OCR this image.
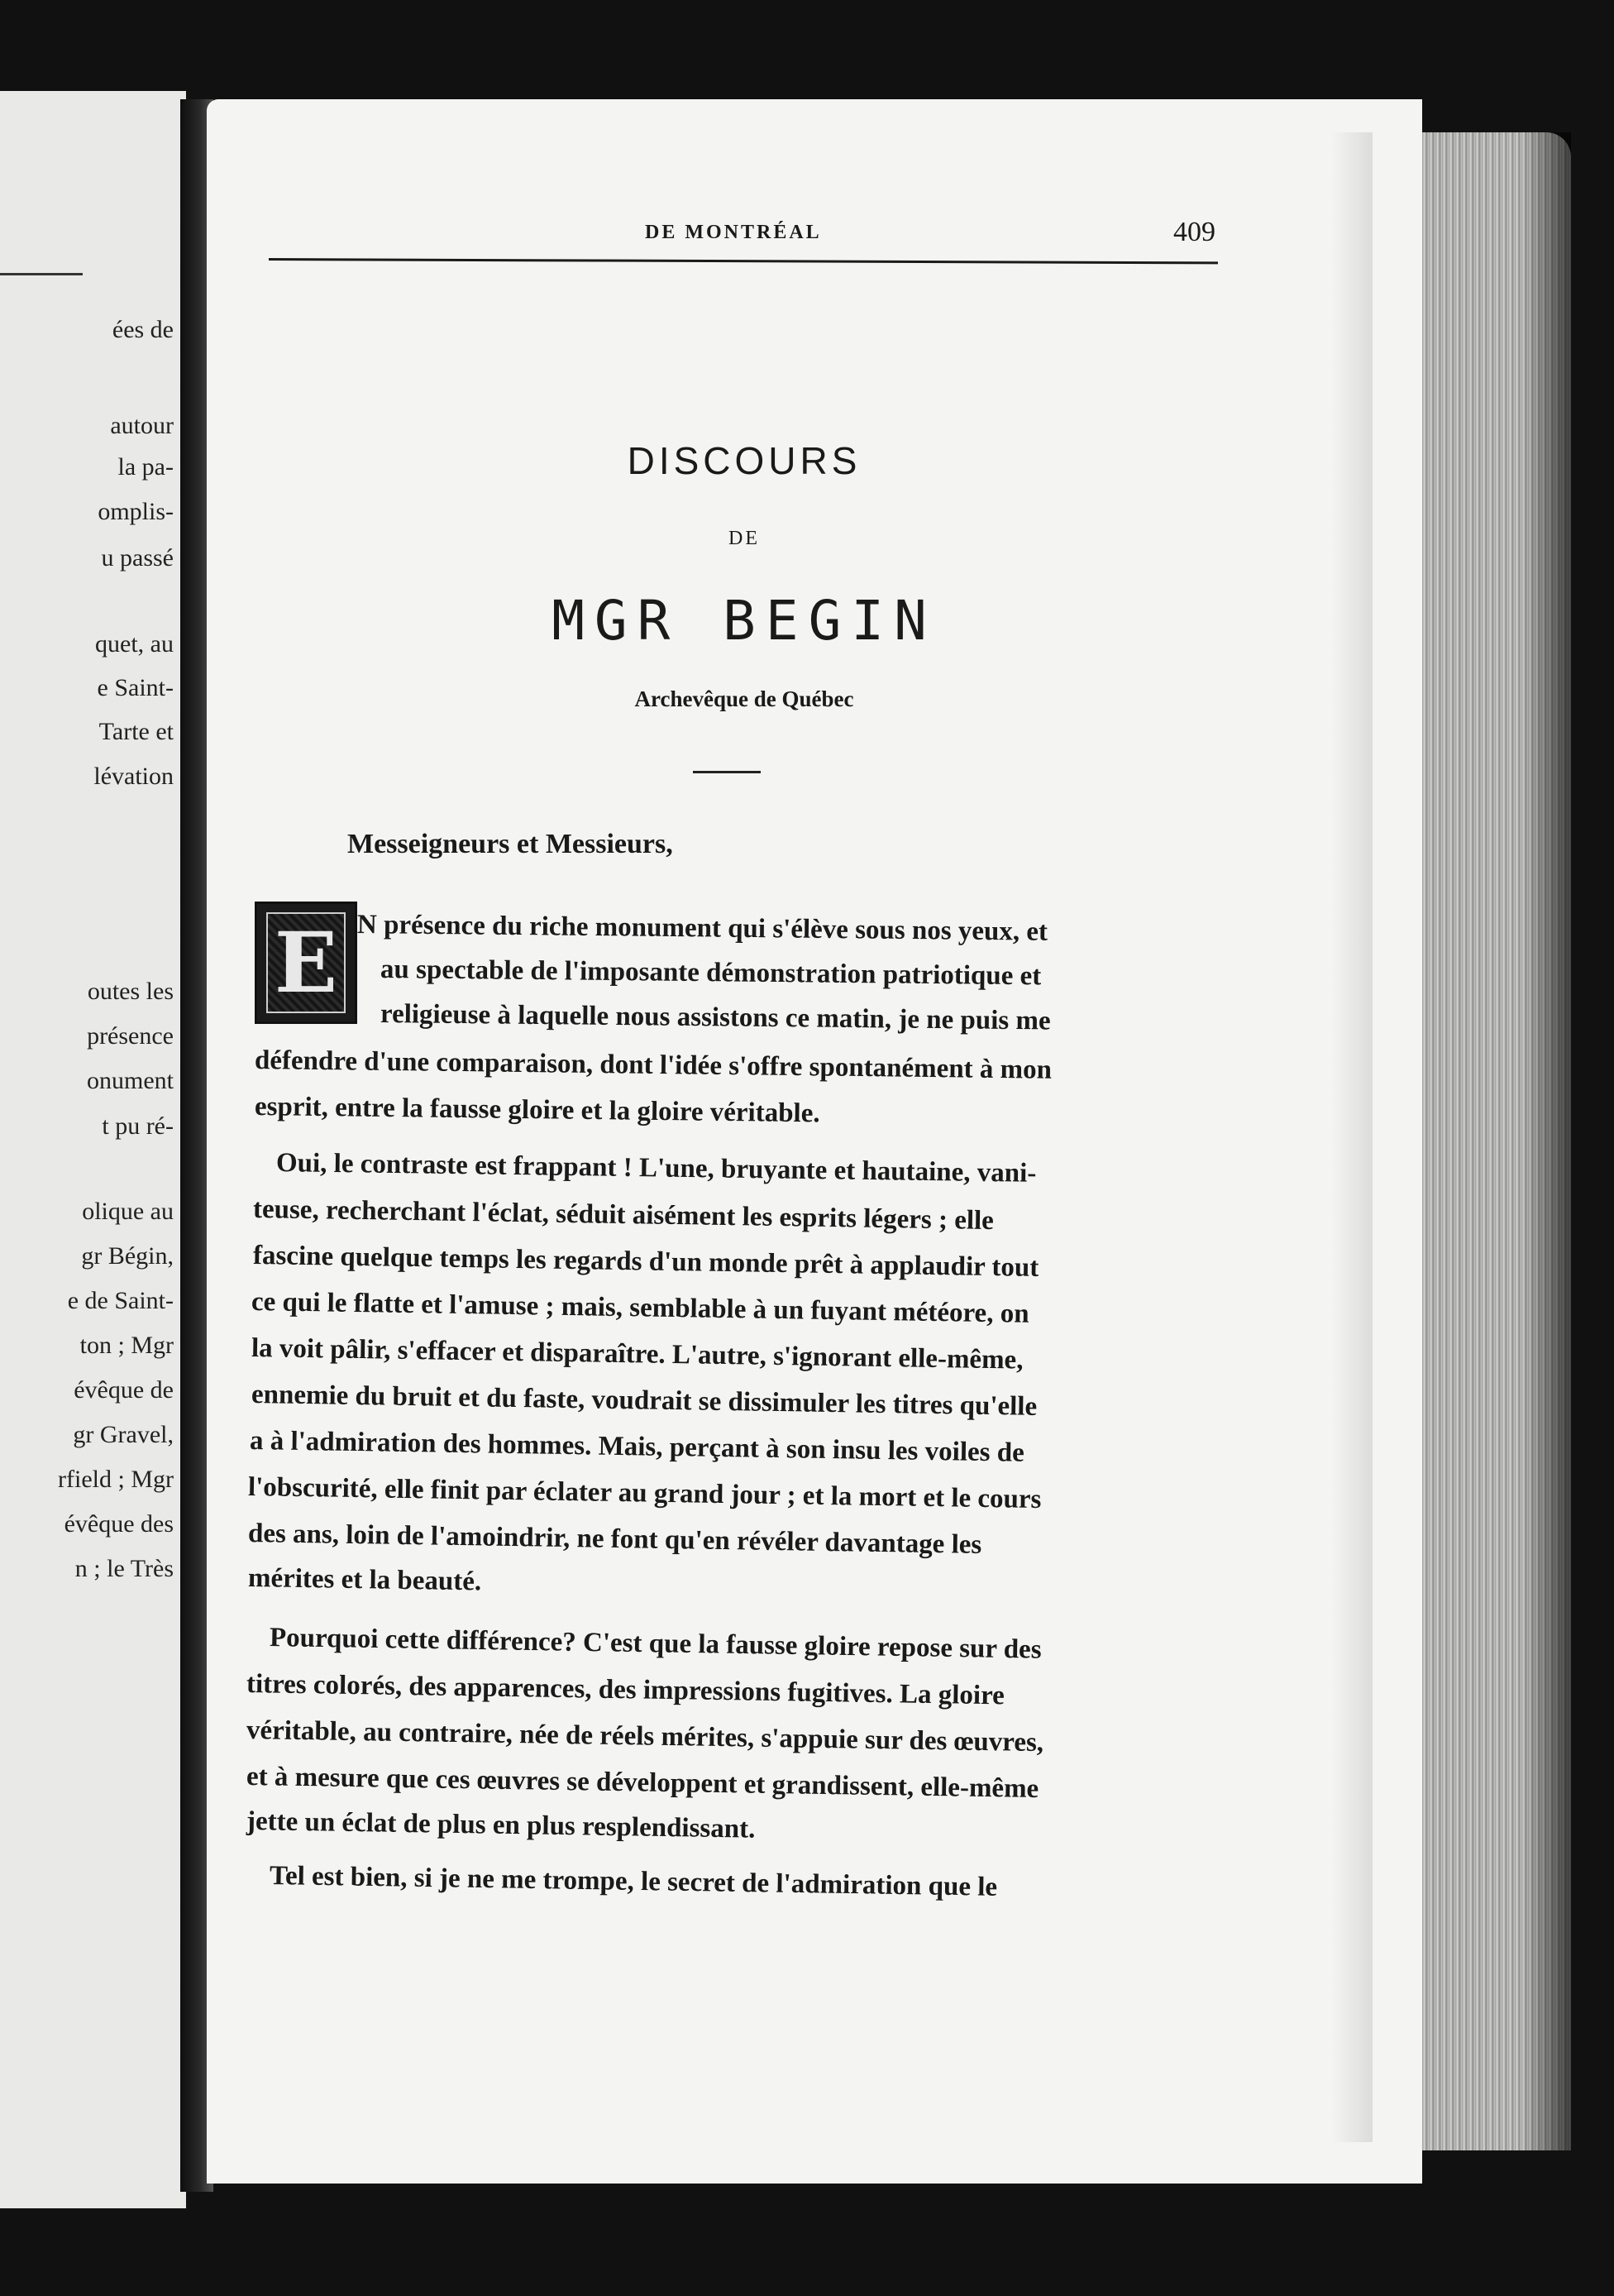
ées de
autour
la pa-
omplis-
u passé
quet, au
e Saint-
Tarte et
lévation
outes les
présence
onument
t pu ré-
olique au
gr Bégin,
e de Saint-
ton ; Mgr
évêque de
gr Gravel,
rfield ; Mgr
évêque des
n ; le Très
DE MONTRÉAL	409
DISCOURS
DE
MGR BEGIN
Archevêque de Québec
Messeigneurs et Messieurs,
E N présence du riche monument qui s'élève sous nos yeux, et
au spectable de l'imposante démonstration patriotique et
religieuse à laquelle nous assistons ce matin, je ne puis me
défendre d'une comparaison, dont l'idée s'offre spontanément à mon
esprit, entre la fausse gloire et la gloire véritable.
Oui, le contraste est frappant ! L'une, bruyante et hautaine, vani-
teuse, recherchant l'éclat, séduit aisément les esprits légers ; elle
fascine quelque temps les regards d'un monde prêt à applaudir tout
ce qui le flatte et l'amuse ; mais, semblable à un fuyant météore, on
la voit pâlir, s'effacer et disparaître. L'autre, s'ignorant elle-même,
ennemie du bruit et du faste, voudrait se dissimuler les titres qu'elle
a à l'admiration des hommes. Mais, perçant à son insu les voiles de
l'obscurité, elle finit par éclater au grand jour ; et la mort et le cours
des ans, loin de l'amoindrir, ne font qu'en révéler davantage les
mérites et la beauté.
Pourquoi cette différence? C'est que la fausse gloire repose sur des
titres colorés, des apparences, des impressions fugitives. La gloire
véritable, au contraire, née de réels mérites, s'appuie sur des œuvres,
et à mesure que ces œuvres se développent et grandissent, elle-même
jette un éclat de plus en plus resplendissant.
Tel est bien, si je ne me trompe, le secret de l'admiration que le
